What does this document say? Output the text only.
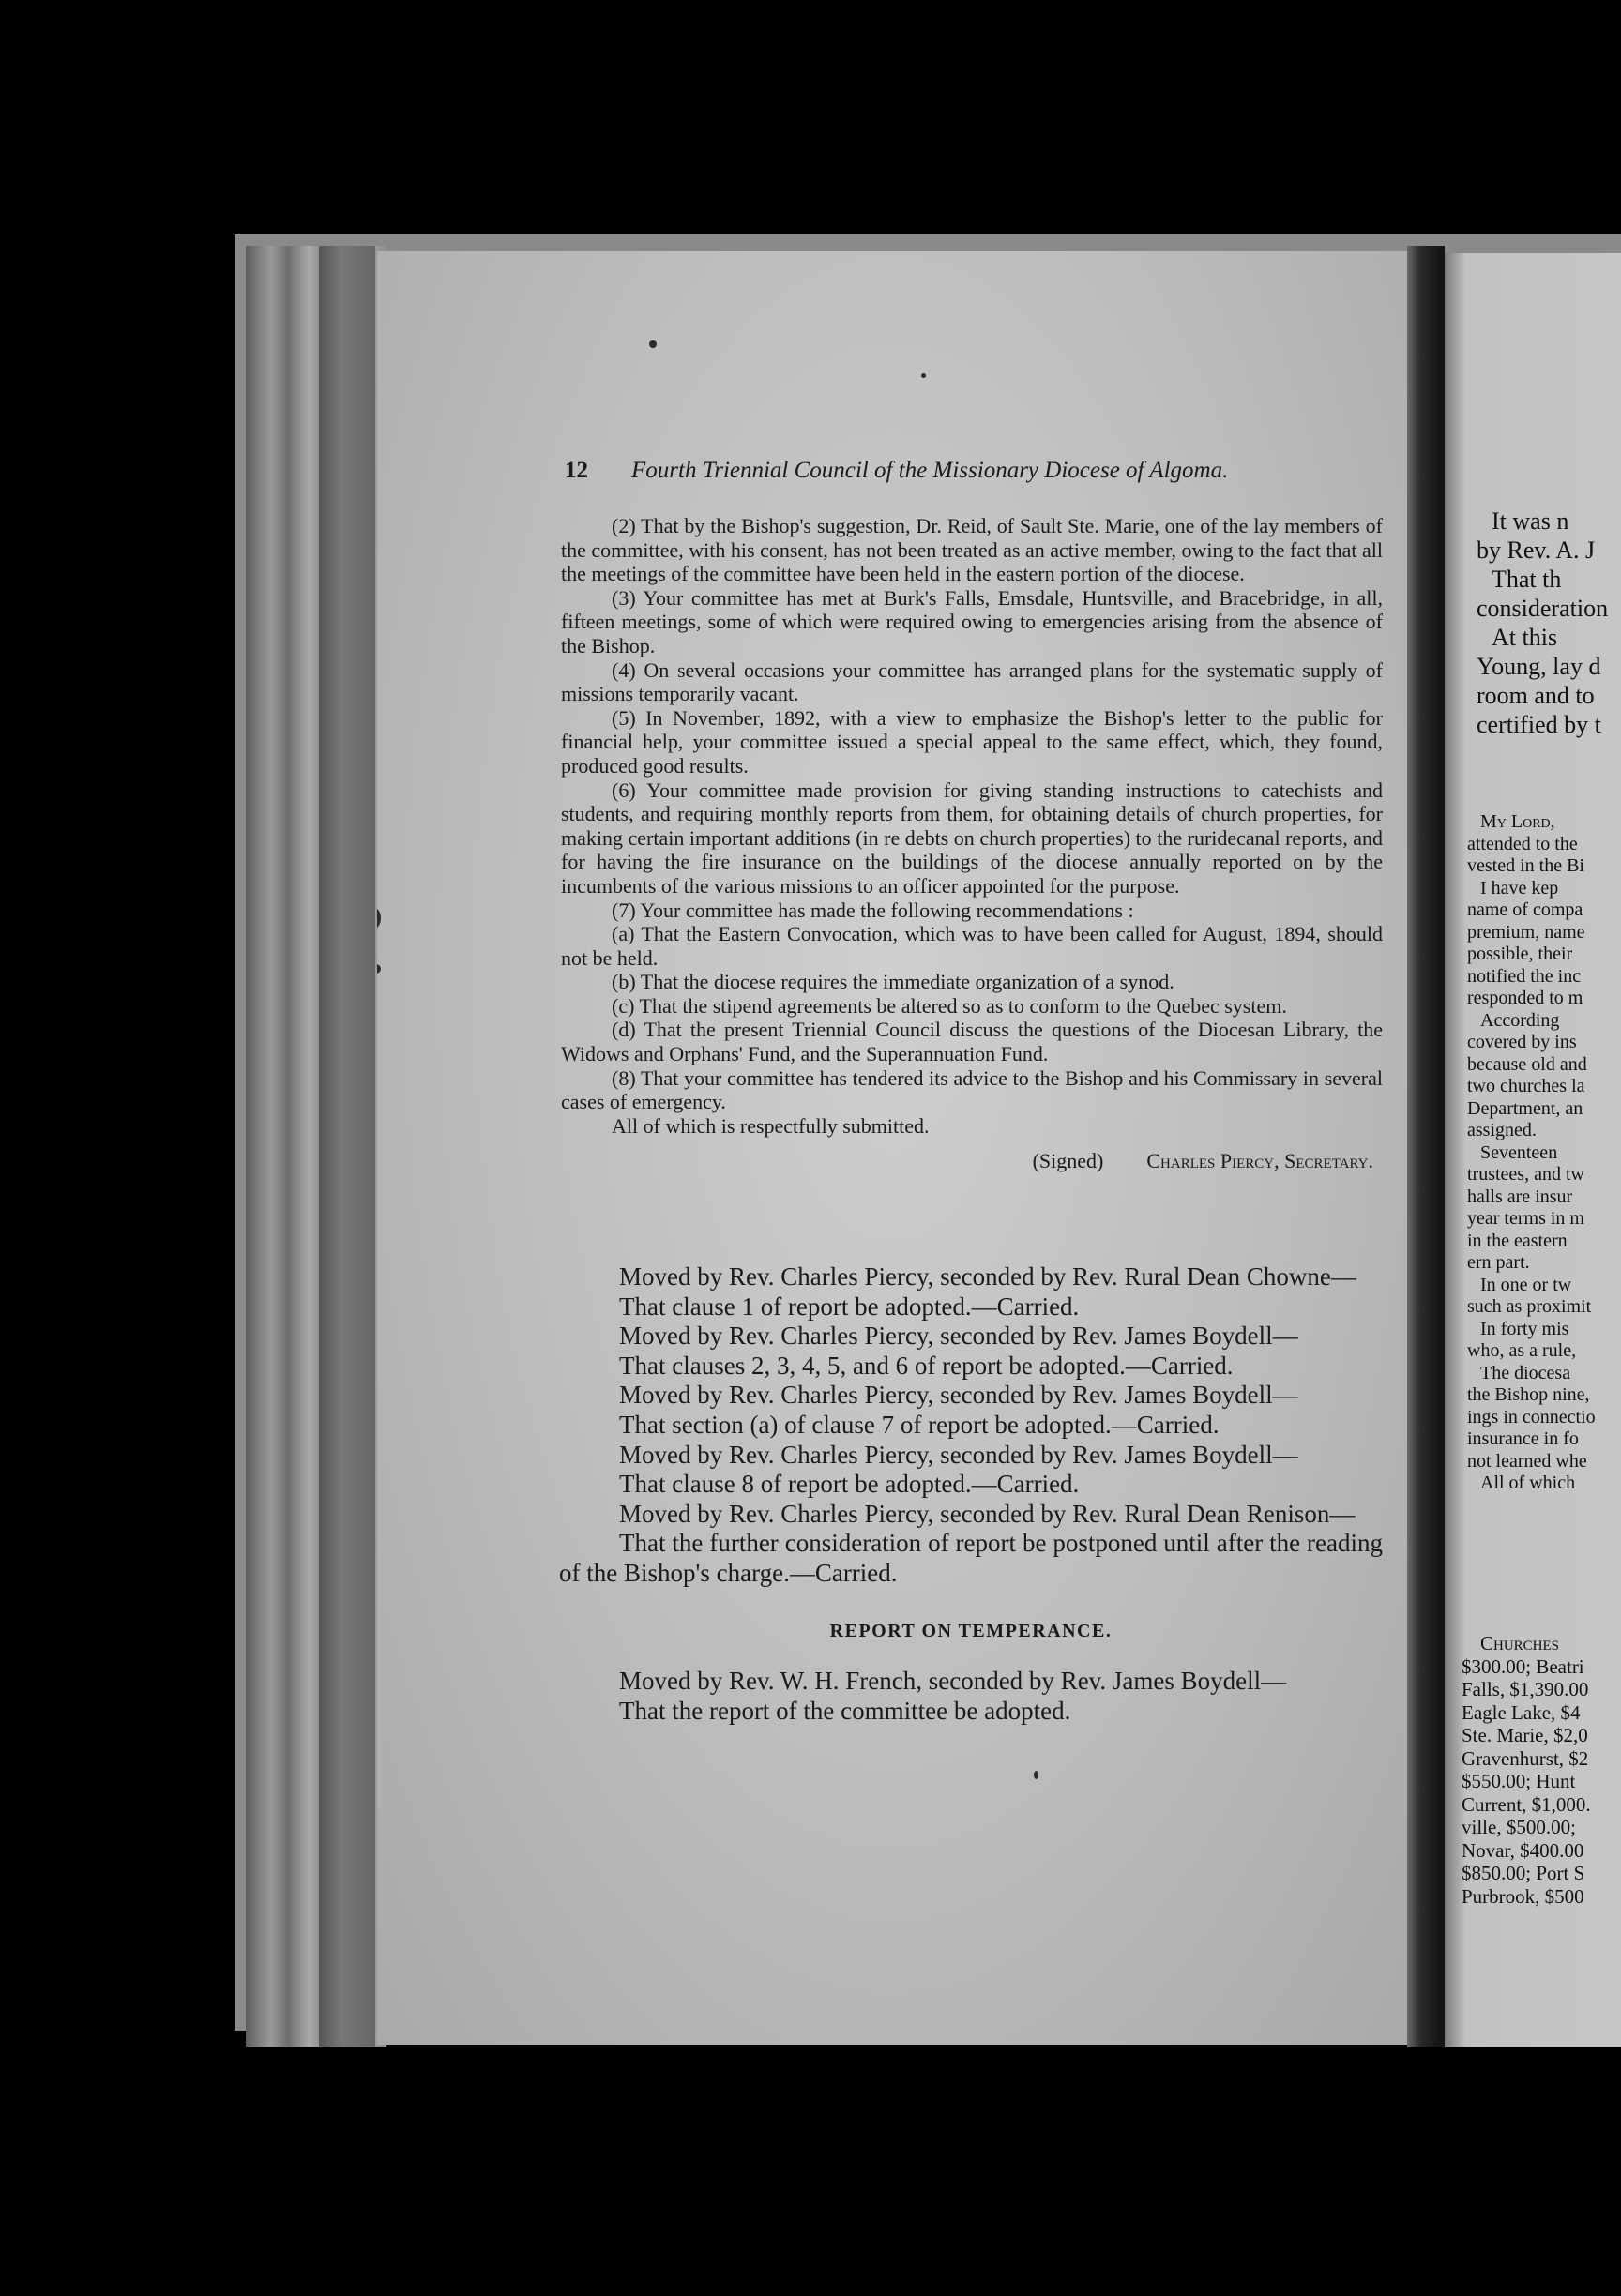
12 Fourth Triennial Council of the Missionary Diocese of Algoma.

(2) That by the Bishop's suggestion, Dr. Reid, of Sault Ste. Marie, one of the lay members of the committee, with his consent, has not been treated as an active member, owing to the fact that all the meetings of the committee have been held in the eastern portion of the diocese.

(3) Your committee has met at Burk's Falls, Emsdale, Huntsville, and Bracebridge, in all, fifteen meetings, some of which were required owing to emergencies arising from the absence of the Bishop.

(4) On several occasions your committee has arranged plans for the systematic supply of missions temporarily vacant.

(5) In November, 1892, with a view to emphasize the Bishop's letter to the public for financial help, your committee issued a special appeal to the same effect, which, they found, produced good results.

(6) Your committee made provision for giving standing instructions to catechists and students, and requiring monthly reports from them, for obtaining details of church properties, for making certain important additions (in re debts on church properties) to the ruridecanal reports, and for having the fire insurance on the buildings of the diocese annually reported on by the incumbents of the various missions to an officer appointed for the purpose.

(7) Your committee has made the following recommendations :

(a) That the Eastern Convocation, which was to have been called for August, 1894, should not be held.

(b) That the diocese requires the immediate organization of a synod.

(c) That the stipend agreements be altered so as to conform to the Quebec system.

(d) That the present Triennial Council discuss the questions of the Diocesan Library, the Widows and Orphans' Fund, and the Superannuation Fund.

(8) That your committee has tendered its advice to the Bishop and his Commissary in several cases of emergency.

All of which is respectfully submitted.

(Signed) Charles Piercy, Secretary.

Moved by Rev. Charles Piercy, seconded by Rev. Rural Dean Chowne—

That clause 1 of report be adopted.—Carried.

Moved by Rev. Charles Piercy, seconded by Rev. James Boydell—

That clauses 2, 3, 4, 5, and 6 of report be adopted.—Carried.

Moved by Rev. Charles Piercy, seconded by Rev. James Boydell—

That section (a) of clause 7 of report be adopted.—Carried.

Moved by Rev. Charles Piercy, seconded by Rev. James Boydell—

That clause 8 of report be adopted.—Carried.

Moved by Rev. Charles Piercy, seconded by Rev. Rural Dean Renison—

That the further consideration of report be postponed until after the reading of the Bishop's charge.—Carried.

REPORT ON TEMPERANCE.

Moved by Rev. W. H. French, seconded by Rev. James Boydell—

That the report of the committee be adopted.

It was n
by Rev. A. J
That th
consideration
At this
Young, lay d
room and to
certified by t
My Lord,
attended to the
vested in the Bi
I have kep
name of compa
premium, name
possible, their
notified the inc
responded to m
According
covered by ins
because old and
two churches la
Department, an
assigned.
Seventeen
trustees, and tw
halls are insur
year terms in m
in the eastern
ern part.
In one or tw
such as proximit
In forty mis
who, as a rule,
The diocesa
the Bishop nine,
ings in connectio
insurance in fo
not learned whe
All of which
Churches
$300.00; Beatri
Falls, $1,390.00
Eagle Lake, $4
Ste. Marie, $2,0
Gravenhurst, $2
$550.00; Hunt
Current, $1,000.
ville, $500.00;
Novar, $400.00
$850.00; Port S
Purbrook, $500
